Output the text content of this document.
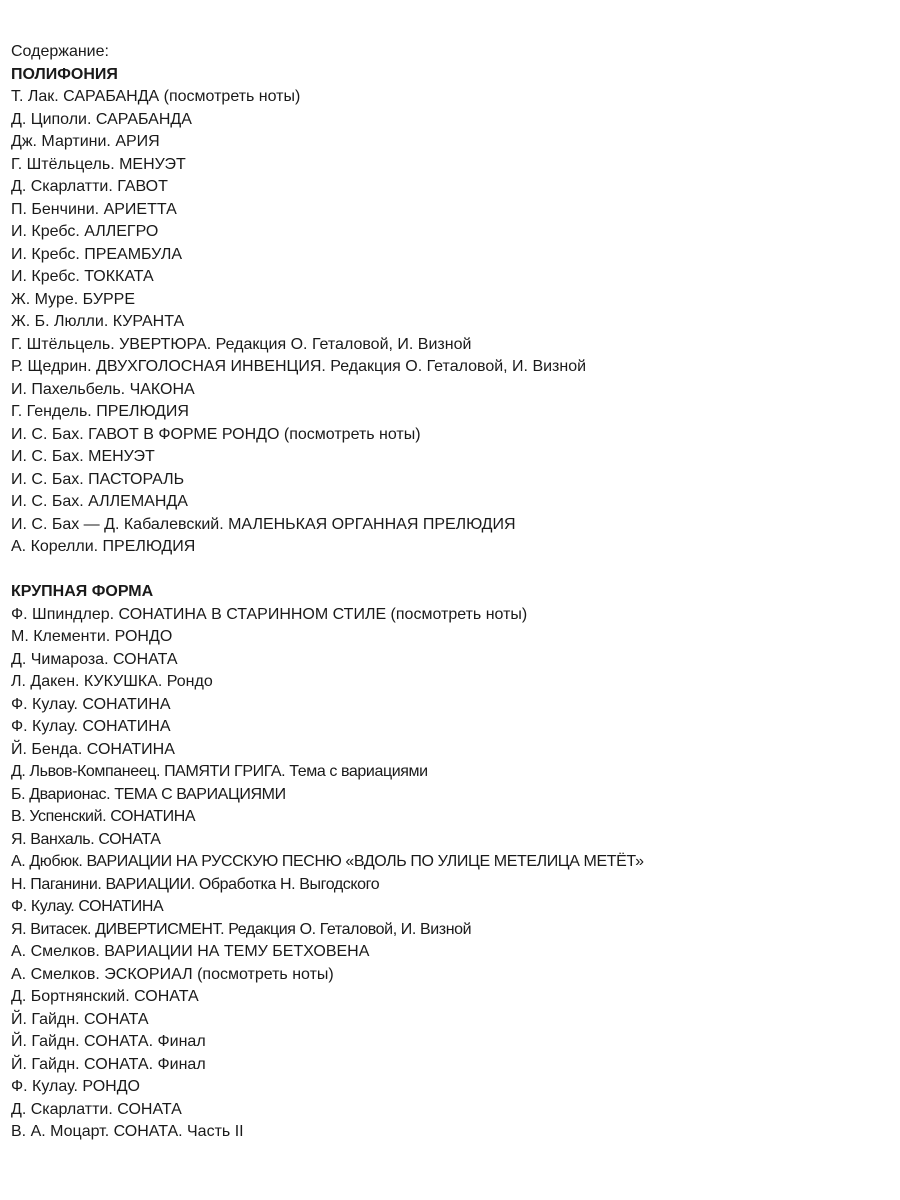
Содержание:
ПОЛИФОНИЯ
Т. Лак. САРАБАНДА (посмотреть ноты)
Д. Циполи. САРАБАНДА
Дж. Мартини. АРИЯ
Г. Штёльцель. МЕНУЭТ
Д. Скарлатти. ГАВОТ
П. Бенчини. АРИЕТТА
И. Кребс. АЛЛЕГРО
И. Кребс. ПРЕАМБУЛА
И. Кребс. ТОККАТА
Ж. Муре. БУРРЕ
Ж. Б. Люлли. КУРАНТА
Г. Штёльцель. УВЕРТЮРА. Редакция О. Геталовой, И. Визной
Р. Щедрин. ДВУХГОЛОСНАЯ ИНВЕНЦИЯ. Редакция О. Геталовой, И. Визной
И. Пахельбель. ЧАКОНА
Г. Гендель. ПРЕЛЮДИЯ
И. С. Бах. ГАВОТ В ФОРМЕ РОНДО (посмотреть ноты)
И. С. Бах. МЕНУЭТ
И. С. Бах. ПАСТОРАЛЬ
И. С. Бах. АЛЛЕМАНДА
И. С. Бах — Д. Кабалевский. МАЛЕНЬКАЯ ОРГАННАЯ ПРЕЛЮДИЯ
А. Корелли. ПРЕЛЮДИЯ
КРУПНАЯ ФОРМА
Ф. Шпиндлер. СОНАТИНА В СТАРИННОМ СТИЛЕ (посмотреть ноты)
М. Клементи. РОНДО
Д. Чимароза. СОНАТА
Л. Дакен. КУКУШКА. Рондо
Ф. Кулау. СОНАТИНА
Ф. Кулау. СОНАТИНА
Й. Бенда. СОНАТИНА
Д. Львов-Компанеец. ПАМЯТИ ГРИГА. Тема с вариациями
Б. Дварионас. ТЕМА С ВАРИАЦИЯМИ
В. Успенский. СОНАТИНА
Я. Ванхаль. СОНАТА
А. Дюбюк. ВАРИАЦИИ НА РУССКУЮ ПЕСНЮ «ВДОЛЬ ПО УЛИЦЕ МЕТЕЛИЦА МЕТЁТ»
Н. Паганини. ВАРИАЦИИ. Обработка Н. Выгодского
Ф. Кулау. СОНАТИНА
Я. Витасек. ДИВЕРТИСМЕНТ. Редакция О. Геталовой, И. Визной
А. Смелков. ВАРИАЦИИ НА ТЕМУ БЕТХОВЕНА
А. Смелков. ЭСКОРИАЛ (посмотреть ноты)
Д. Бортнянский. СОНАТА
Й. Гайдн. СОНАТА
Й. Гайдн. СОНАТА. Финал
Й. Гайдн. СОНАТА. Финал
Ф. Кулау. РОНДО
Д. Скарлатти. СОНАТА
В. А. Моцарт. СОНАТА. Часть II
